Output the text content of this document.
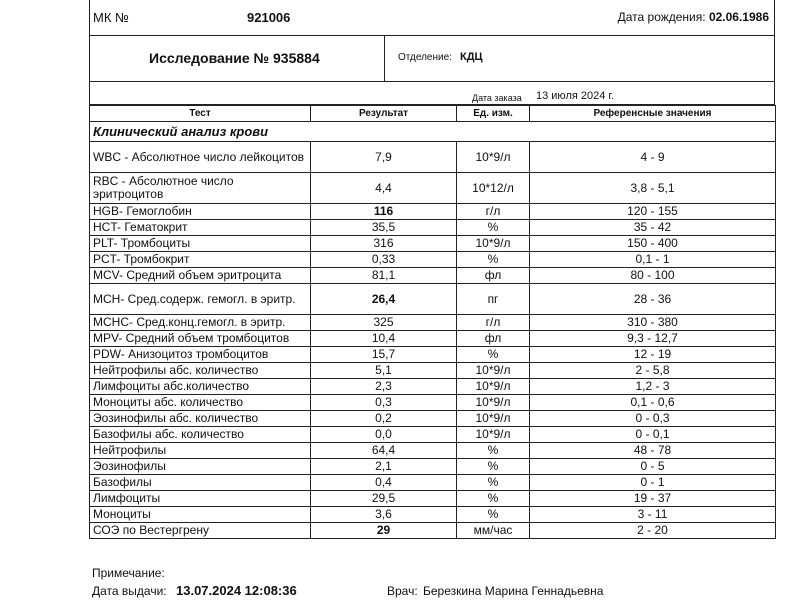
МК №	921006	Дата рождения: 02.06.1986
Исследование № 935884	Отделение: КДЦ
Дата заказа 13 июля 2024 г.
Тест	Результат	Ед. изм.	Референсные значения
Клинический анализ крови			
WBC - Абсолютное число лейкоцитов	7,9	10*9/л	4 - 9
RBC - Абсолютное число эритроцитов	4,4	10*12/л	3,8 - 5,1
HGB- Гемоглобин	116	г/л	120 - 155
HCT- Гематокрит	35,5	%	35 - 42
PLT- Тромбоциты	316	10*9/л	150 - 400
PCT- Тромбокрит	0,33	%	0,1 - 1
MCV- Средний объем эритроцита	81,1	фл	80 - 100
MCH- Сред.содерж. гемогл. в эритр.	26,4	пг	28 - 36
MCHC- Сред.конц.гемогл. в эритр.	325	г/л	310 - 380
MPV- Средний объем тромбоцитов	10,4	фл	9,3 - 12,7
PDW- Анизоцитоз тромбоцитов	15,7	%	12 - 19
Нейтрофилы абс. количество	5,1	10*9/л	2 - 5,8
Лимфоциты абс.количество	2,3	10*9/л	1,2 - 3
Моноциты абс. количество	0,3	10*9/л	0,1 - 0,6
Эозинофилы абс. количество	0,2	10*9/л	0 - 0,3
Базофилы абс. количество	0,0	10*9/л	0 - 0,1
Нейтрофилы	64,4	%	48 - 78
Эозинофилы	2,1	%	0 - 5
Базофилы	0,4	%	0 - 1
Лимфоциты	29,5	%	19 - 37
Моноциты	3,6	%	3 - 11
СОЭ по Вестергрену	29	мм/час	2 - 20
Примечание:
Дата выдачи: 13.07.2024 12:08:36	Врач: Березкина Марина Геннадьевна
